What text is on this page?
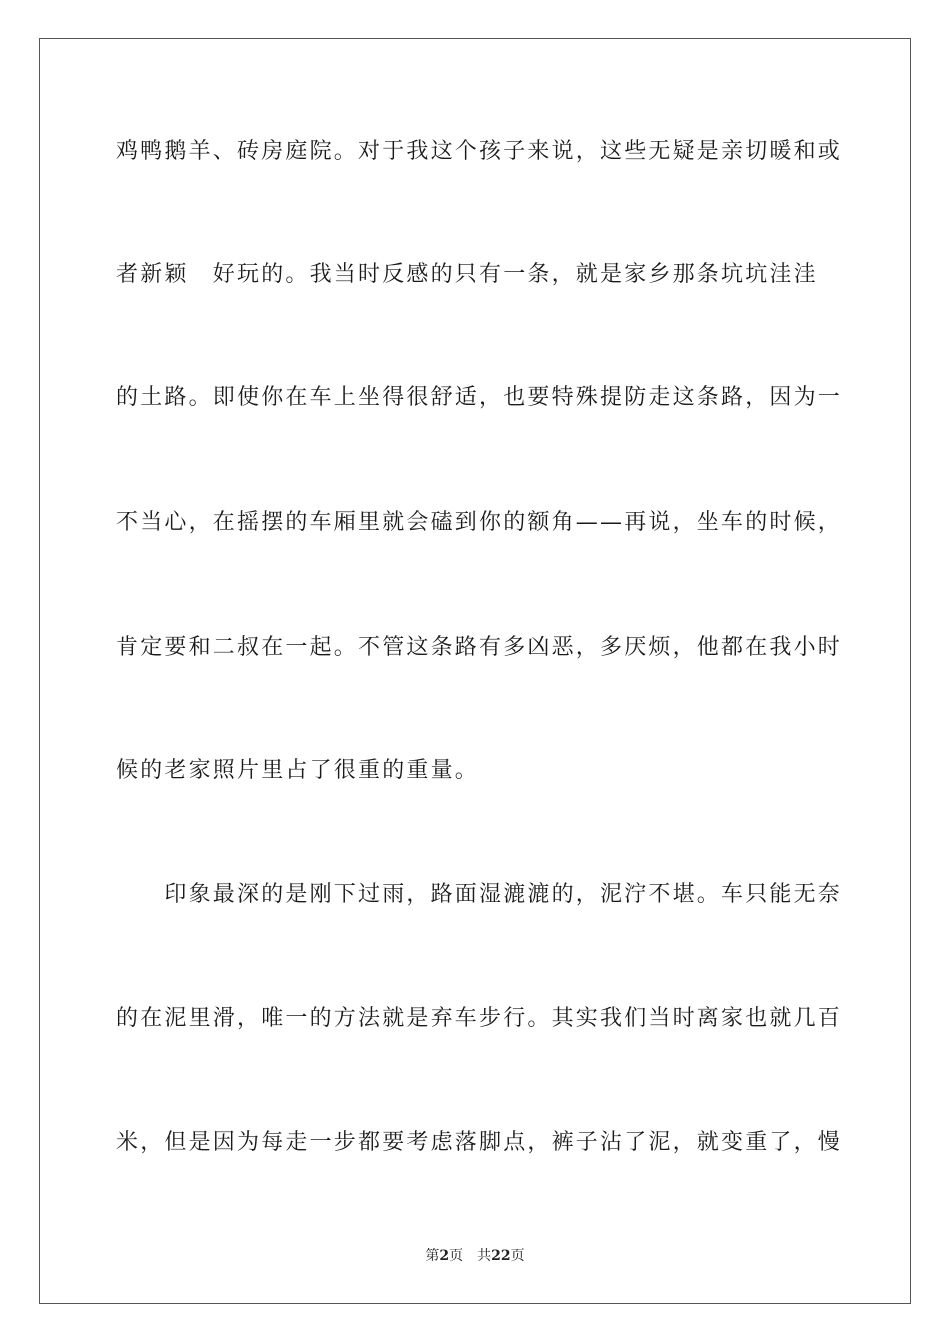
鸡鸭鹅羊、砖房庭院。对于我这个孩子来说，这些无疑是亲切暖和或
者新颖　好玩的。我当时反感的只有一条，就是家乡那条坑坑洼洼
的土路。即使你在车上坐得很舒适，也要特殊提防走这条路，因为一
不当心，在摇摆的车厢里就会磕到你的额角——再说，坐车的时候，
肯定要和二叔在一起。不管这条路有多凶恶，多厌烦，他都在我小时
候的老家照片里占了很重的重量。
　　印象最深的是刚下过雨，路面湿漉漉的，泥泞不堪。车只能无奈
的在泥里滑，唯一的方法就是弃车步行。其实我们当时离家也就几百
米，但是因为每走一步都要考虑落脚点，裤子沾了泥，就变重了，慢
第2页 共22页
